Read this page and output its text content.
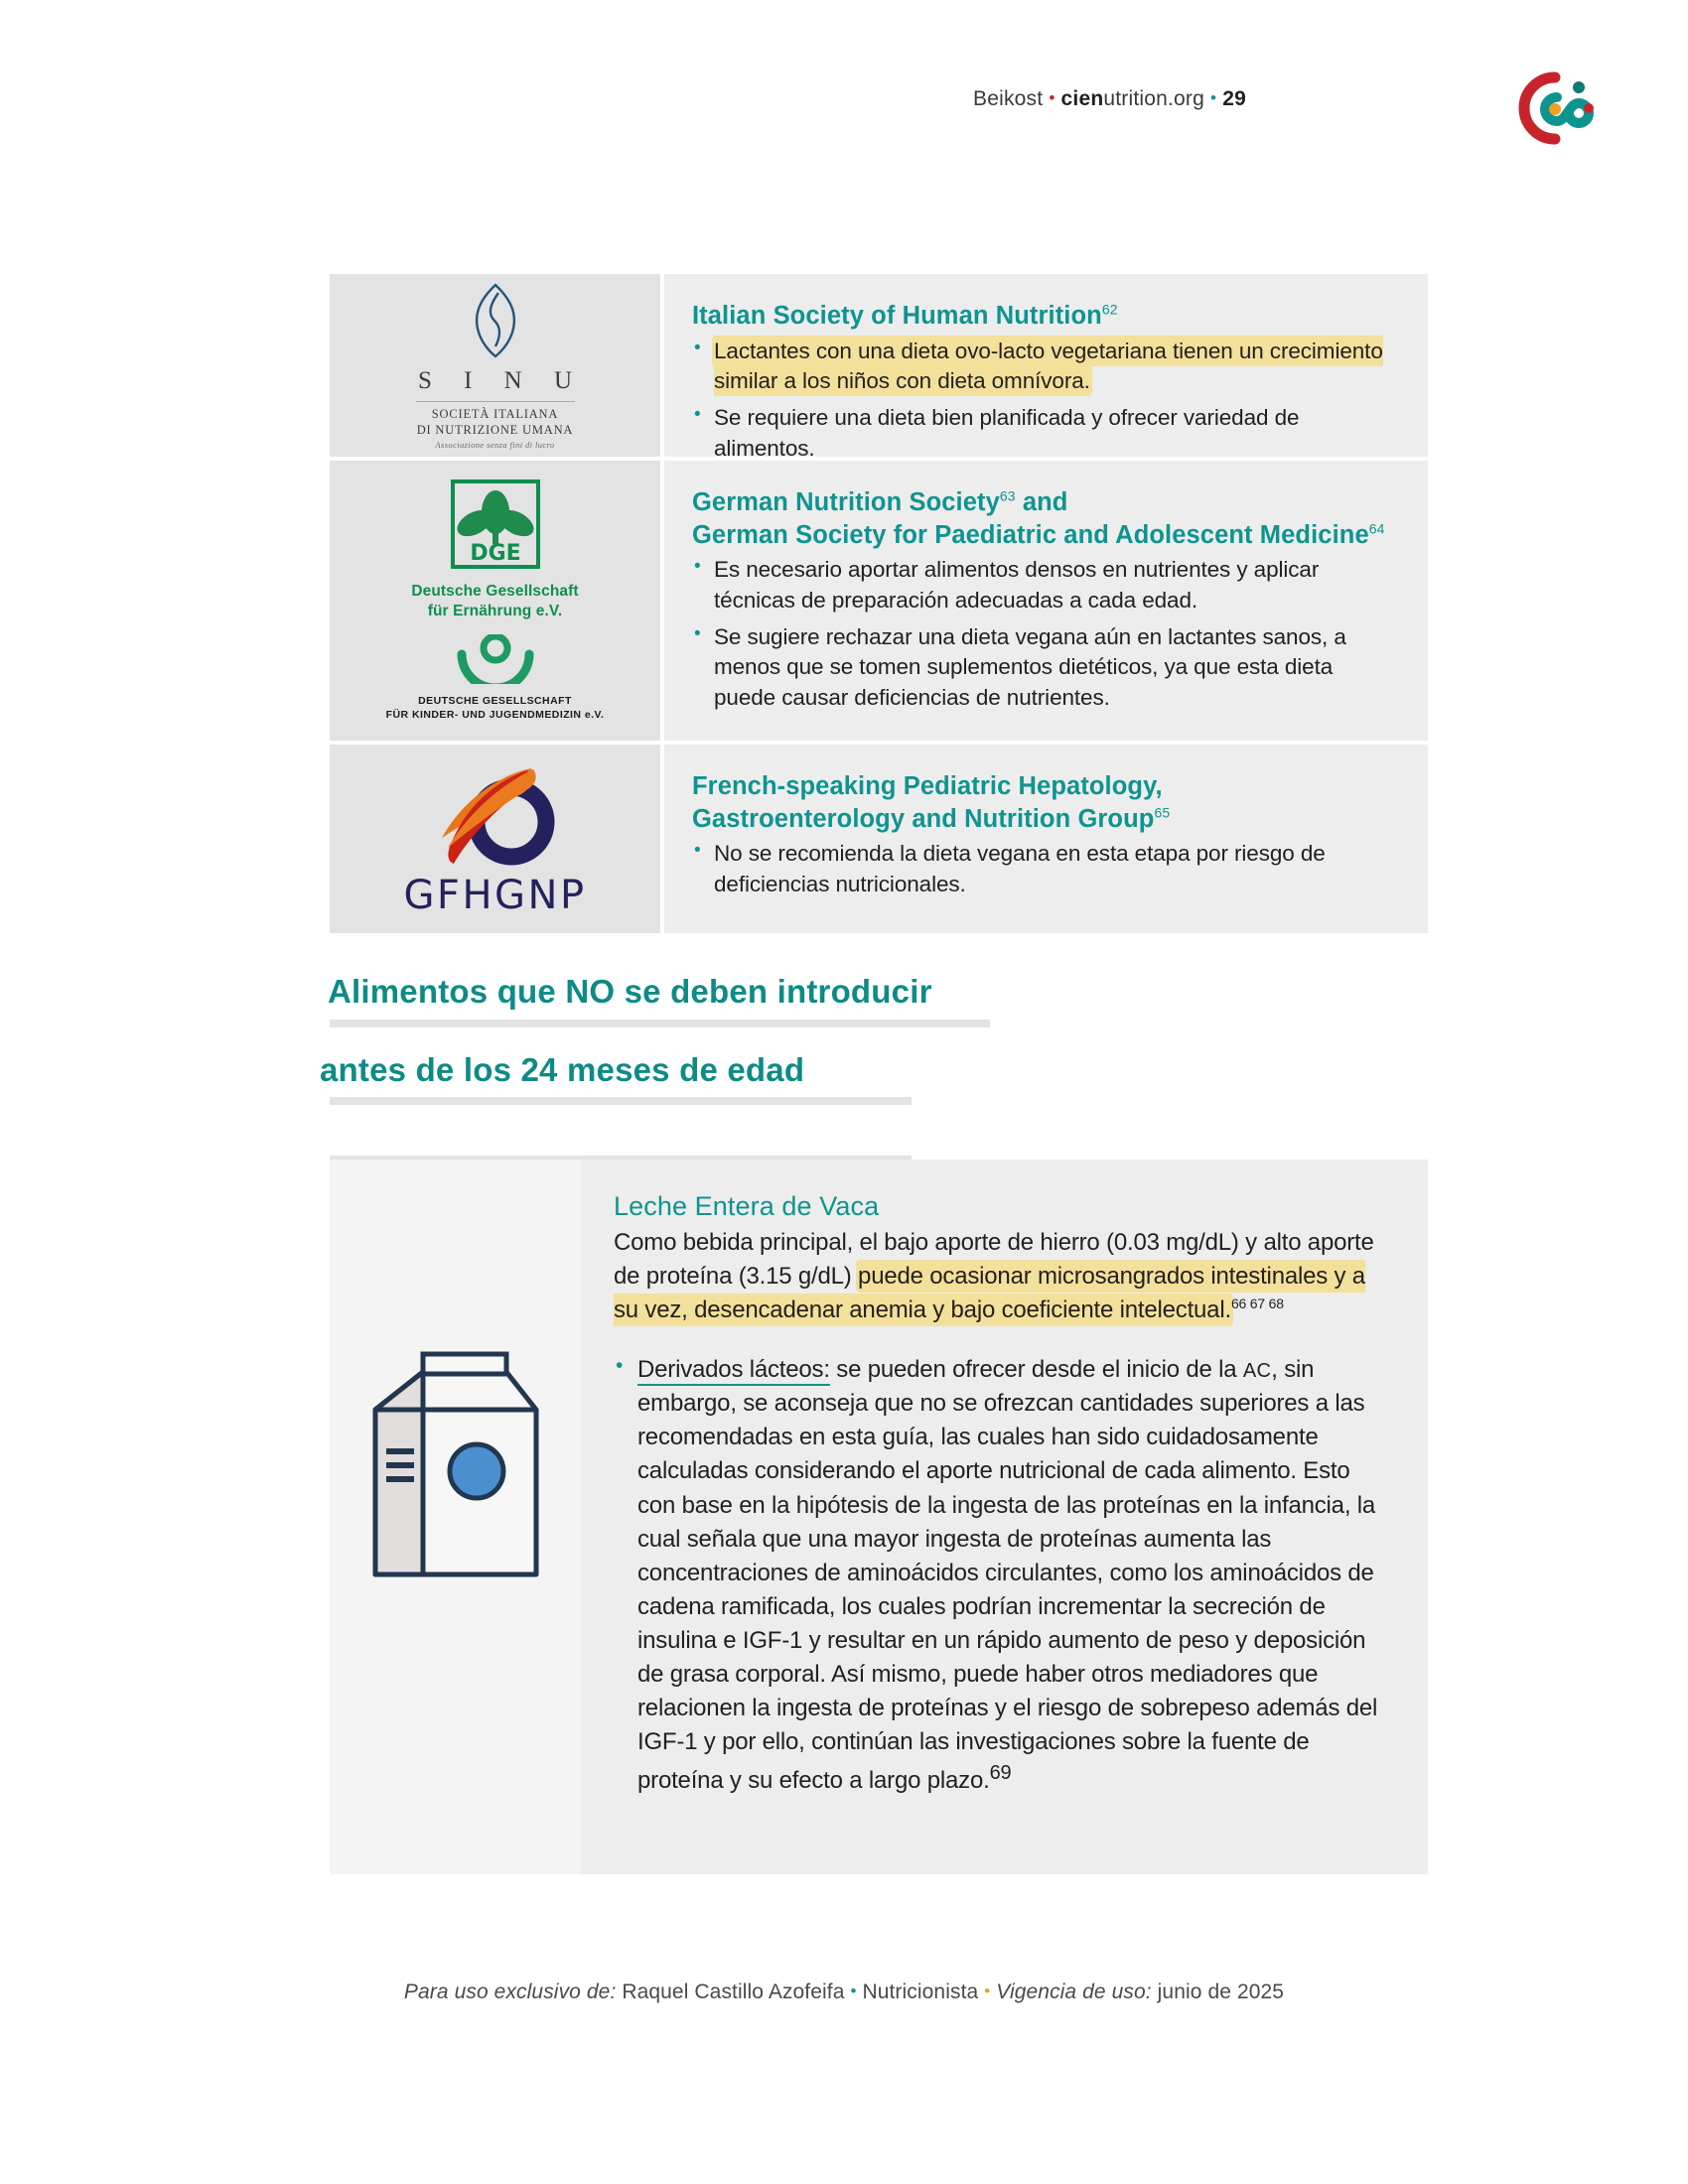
Beikost • cienutrition.org • 29
S I N U
SOCIETÀ ITALIANA
DI NUTRIZIONE UMANA
Associazione senza fini di lucro
Italian Society of Human Nutrition$^{62}$
• Lactantes con una dieta ovo-lacto vegetariana tienen un crecimiento similar a los niños con dieta omnívora.
• Se requiere una dieta bien planificada y ofrecer variedad de alimentos.
DGE
Deutsche Gesellschaft
für Ernährung e.V.
DEUTSCHE GESELLSCHAFT
FÜR KINDER- UND JUGENDMEDIZIN e.V.
German Nutrition Society$^{63}$ and
German Society for Paediatric and Adolescent Medicine$^{64}$
• Es necesario aportar alimentos densos en nutrientes y aplicar técnicas de preparación adecuadas a cada edad.
• Se sugiere rechazar una dieta vegana aún en lactantes sanos, a menos que se tomen suplementos dietéticos, ya que esta dieta puede causar deficiencias de nutrientes.
GFHGNP
French-speaking Pediatric Hepatology,
Gastroenterology and Nutrition Group$^{65}$
• No se recomienda la dieta vegana en esta etapa por riesgo de deficiencias nutricionales.
Alimentos que NO se deben introducir
antes de los 24 meses de edad
Leche Entera de Vaca

Como bebida principal, el bajo aporte de hierro (0.03 mg/dL) y alto aporte de proteína (3.15 g/dL) puede ocasionar microsangrados intestinales y a su vez, desencadenar anemia y bajo coeficiente intelectual.$^{66 67 68}$

• Derivados lácteos: se pueden ofrecer desde el inicio de la AC, sin embargo, se aconseja que no se ofrezcan cantidades superiores a las recomendadas en esta guía, las cuales han sido cuidadosamente calculadas considerando el aporte nutricional de cada alimento. Esto con base en la hipótesis de la ingesta de las proteínas en la infancia, la cual señala que una mayor ingesta de proteínas aumenta las concentraciones de aminoácidos circulantes, como los aminoácidos de cadena ramificada, los cuales podrían incrementar la secreción de insulina e IGF-1 y resultar en un rápido aumento de peso y deposición de grasa corporal. Así mismo, puede haber otros mediadores que relacionen la ingesta de proteínas y el riesgo de sobrepeso además del IGF-1 y por ello, continúan las investigaciones sobre la fuente de proteína y su efecto a largo plazo.$^{69}$
Para uso exclusivo de: Raquel Castillo Azofeifa • Nutricionista • Vigencia de uso: junio de 2025
